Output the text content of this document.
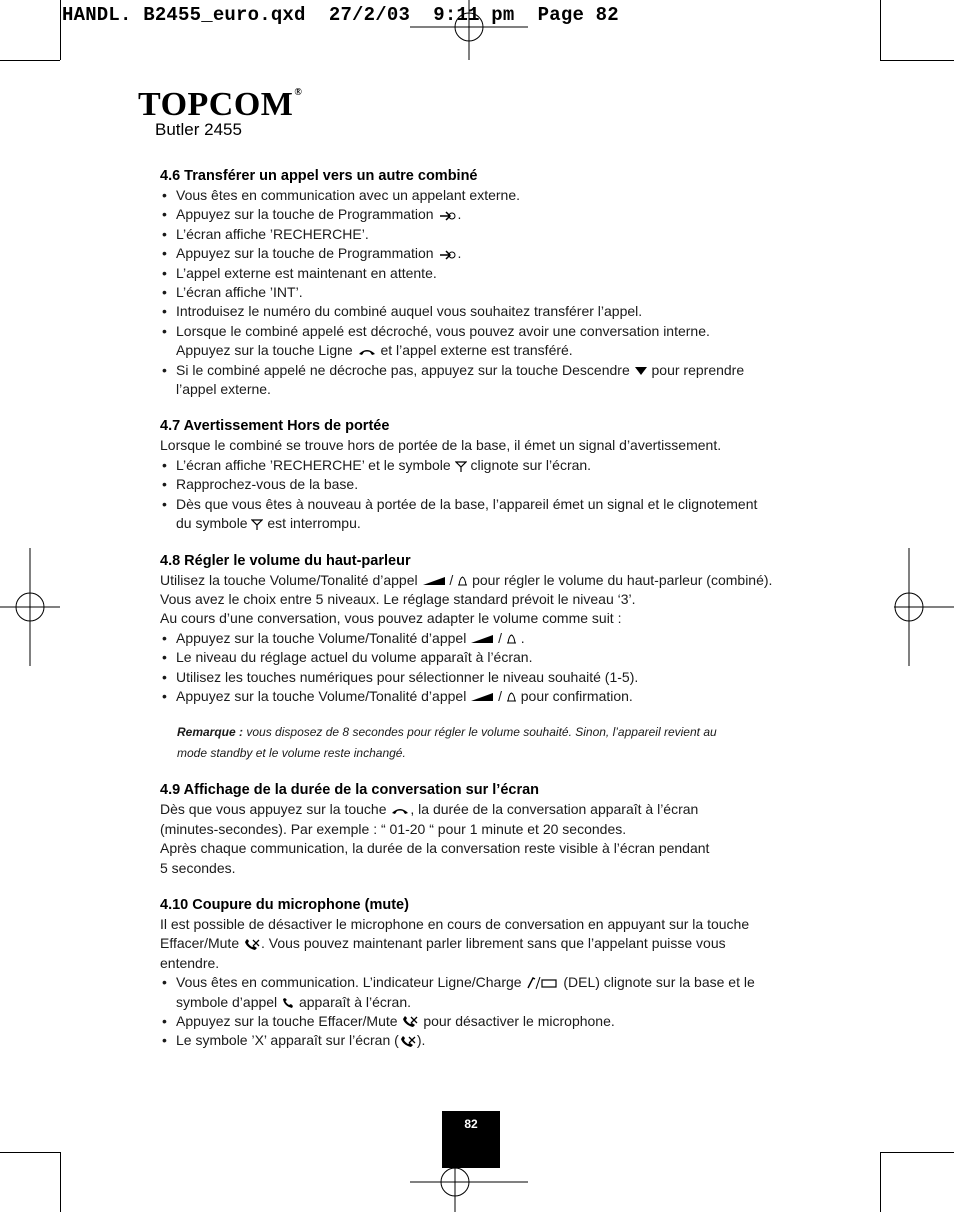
HANDL. B2455_euro.qxd  27/2/03  9:11 pm  Page 82
TOPCOM®
Butler 2455
4.6 Transférer un appel vers un autre combiné
• Vous êtes en communication avec un appelant externe.
• Appuyez sur la touche de Programmation .
• L’écran affiche ’RECHERCHE’.
• Appuyez sur la touche de Programmation .
• L’appel externe est maintenant en attente.
• L’écran affiche ’INT’.
• Introduisez le numéro du combiné auquel vous souhaitez transférer l’appel.
• Lorsque le combiné appelé est décroché, vous pouvez avoir une conversation interne.
Appuyez sur la touche Ligne et l’appel externe est transféré.
• Si le combiné appelé ne décroche pas, appuyez sur la touche Descendre pour reprendre
l’appel externe.
4.7 Avertissement Hors de portée

Lorsque le combiné se trouve hors de portée de la base, il émet un signal d’avertissement.

• L’écran affiche ’RECHERCHE’ et le symbole clignote sur l’écran.
• Rapprochez-vous de la base.
• Dès que vous êtes à nouveau à portée de la base, l’appareil émet un signal et le clignotement
du symbole est interrompu.
4.8 Régler le volume du haut-parleur

Utilisez la touche Volume/Tonalité d’appel / pour régler le volume du haut-parleur (combiné).

Vous avez le choix entre 5 niveaux. Le réglage standard prévoit le niveau ‘3’.

Au cours d’une conversation, vous pouvez adapter le volume comme suit :

• Appuyez sur la touche Volume/Tonalité d’appel / .
• Le niveau du réglage actuel du volume apparaît à l’écran.
• Utilisez les touches numériques pour sélectionner le niveau souhaité (1-5).
• Appuyez sur la touche Volume/Tonalité d’appel / pour confirmation.
Remarque : vous disposez de 8 secondes pour régler le volume souhaité. Sinon, l’appareil revient au
mode standby et le volume reste inchangé.
4.9 Affichage de la durée de la conversation sur l’écran

Dès que vous appuyez sur la touche , la durée de la conversation apparaît à l’écran

(minutes-secondes). Par exemple : “ 01-20 “ pour 1 minute et 20 secondes.

Après chaque communication, la durée de la conversation reste visible à l’écran pendant

5 secondes.

4.10 Coupure du microphone (mute)

Il est possible de désactiver le microphone en cours de conversation en appuyant sur la touche

Effacer/Mute . Vous pouvez maintenant parler librement sans que l’appelant puisse vous

entendre.

• Vous êtes en communication. L’indicateur Ligne/Charge	(DEL) clignote sur la base et le
symbole d’appel apparaît à l’écran.
• Appuyez sur la touche Effacer/Mute pour désactiver le microphone.
• Le symbole ’X’ apparaît sur l’écran ( ).
82
